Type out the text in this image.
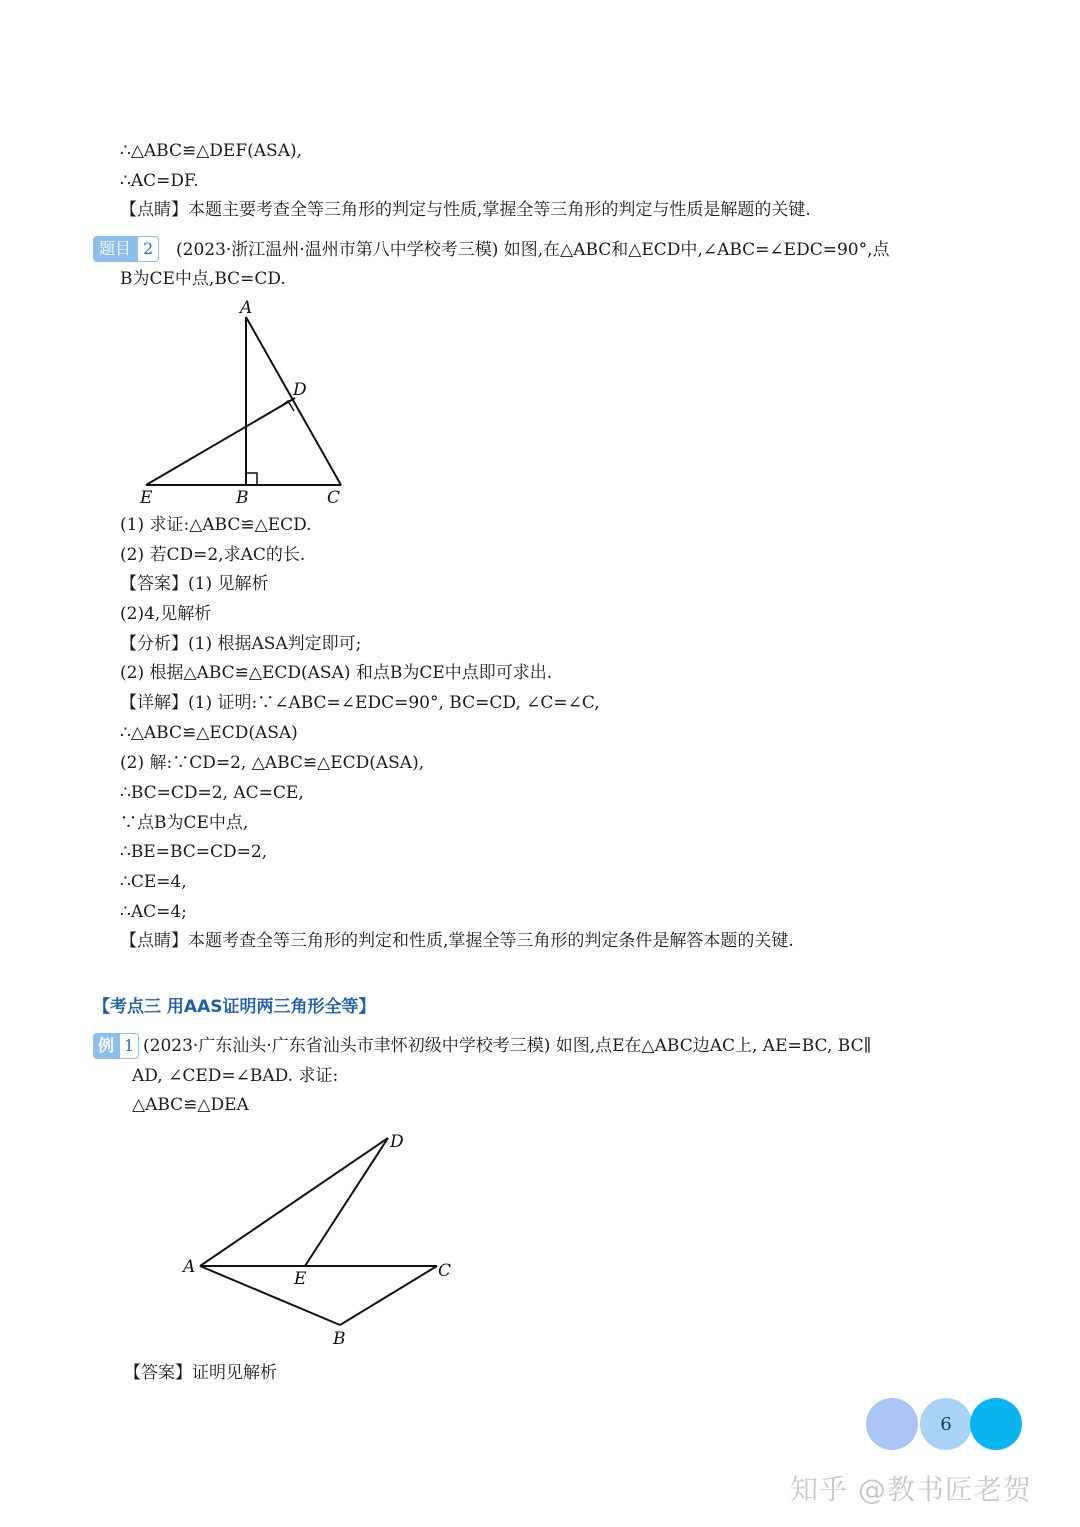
∴△ABC≌△DEF(ASA),
∴AC=DF.
【点睛】本题主要考查全等三角形的判定与性质,掌握全等三角形的判定与性质是解题的关键.
题目 2	(2023·浙江温州·温州市第八中学校考三模) 如图,在△ABC和△ECD中,∠ABC=∠EDC=90°,点
B为CE中点,BC=CD.
A
D
E	B	C
(1) 求证:△ABC≌△ECD.
(2) 若CD=2,求AC的长.
【答案】(1) 见解析
(2)4,见解析
【分析】(1) 根据ASA判定即可;
(2) 根据△ABC≌△ECD(ASA) 和点B为CE中点即可求出.
【详解】(1) 证明:∵∠ABC=∠EDC=90°, BC=CD, ∠C=∠C,
∴△ABC≌△ECD(ASA)
(2) 解:∵CD=2, △ABC≌△ECD(ASA),
∴BC=CD=2, AC=CE,
∵点B为CE中点,
∴BE=BC=CD=2,
∴CE=4,
∴AC=4;
【点睛】本题考查全等三角形的判定和性质,掌握全等三角形的判定条件是解答本题的关键.
【考点三 用AAS证明两三角形全等】
例 1 (2023·广东汕头·广东省汕头市聿怀初级中学校考三模) 如图,点E在△ABC边AC上, AE=BC, BC∥
AD, ∠CED=∠BAD. 求证:
△ABC≌△DEA
D
A
E	C
B
【答案】证明见解析
6
知乎 @教书匠老贺
